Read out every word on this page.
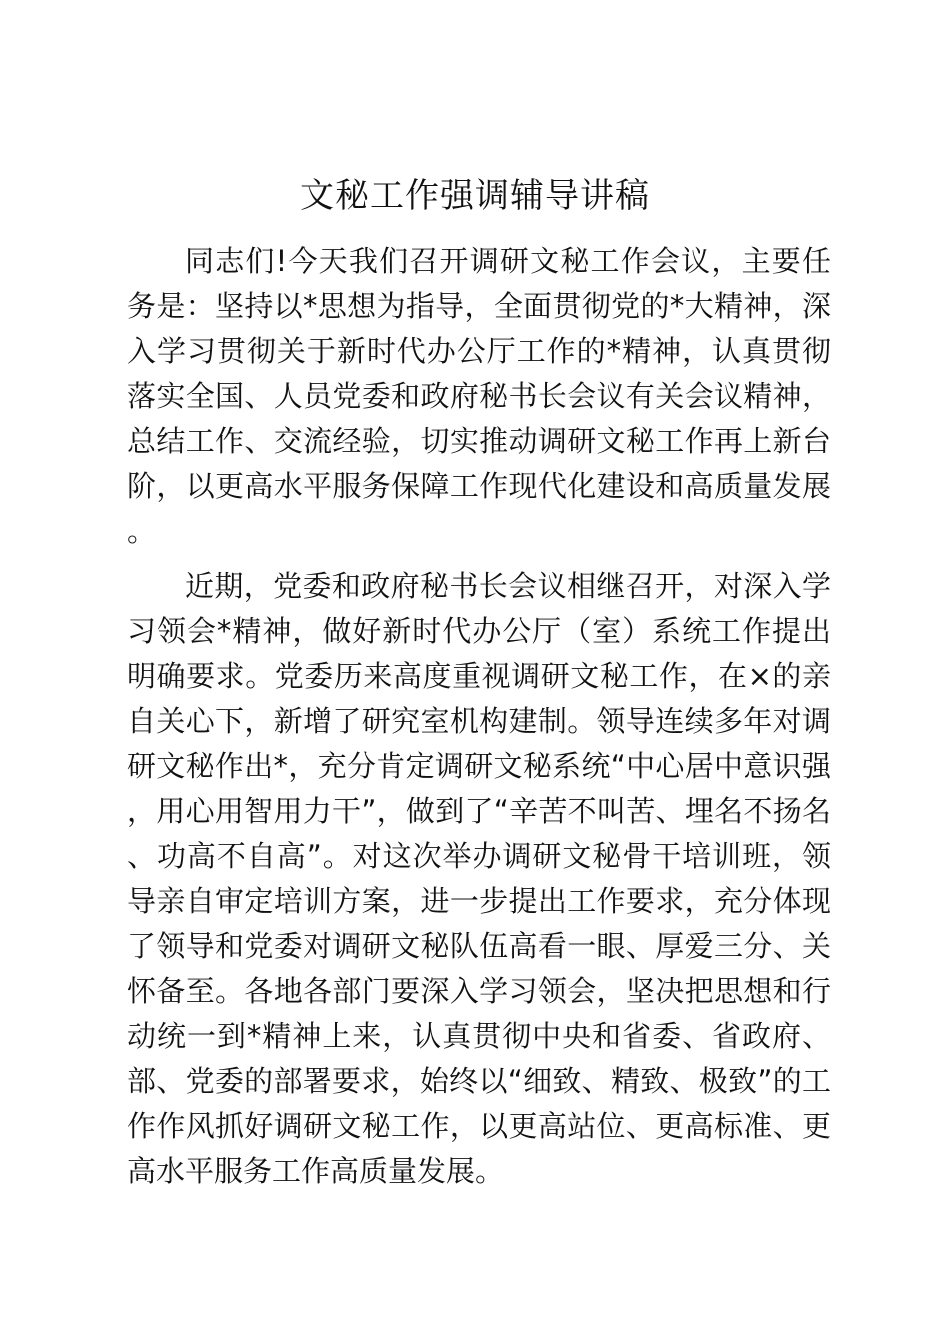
文秘工作强调辅导讲稿

同志们!今天我们召开调研文秘工作会议，主要任务是：坚持以*思想为指导，全面贯彻党的*大精神，深入学习贯彻关于新时代办公厅工作的*精神，认真贯彻落实全国、人员党委和政府秘书长会议有关会议精神，总结工作、交流经验，切实推动调研文秘工作再上新台阶，以更高水平服务保障工作现代化建设和高质量发展。

近期，党委和政府秘书长会议相继召开，对深入学习领会*精神，做好新时代办公厅（室）系统工作提出明确要求。党委历来高度重视调研文秘工作，在×的亲自关心下，新增了研究室机构建制。领导连续多年对调研文秘作出*，充分肯定调研文秘系统“中心居中意识强，用心用智用力干”，做到了“辛苦不叫苦、埋名不扬名、功高不自高”。对这次举办调研文秘骨干培训班，领导亲自审定培训方案，进一步提出工作要求，充分体现了领导和党委对调研文秘队伍高看一眼、厚爱三分、关怀备至。各地各部门要深入学习领会，坚决把思想和行动统一到*精神上来，认真贯彻中央和省委、省政府、部、党委的部署要求，始终以“细致、精致、极致”的工作作风抓好调研文秘工作，以更高站位、更高标准、更高水平服务工作高质量发展。
